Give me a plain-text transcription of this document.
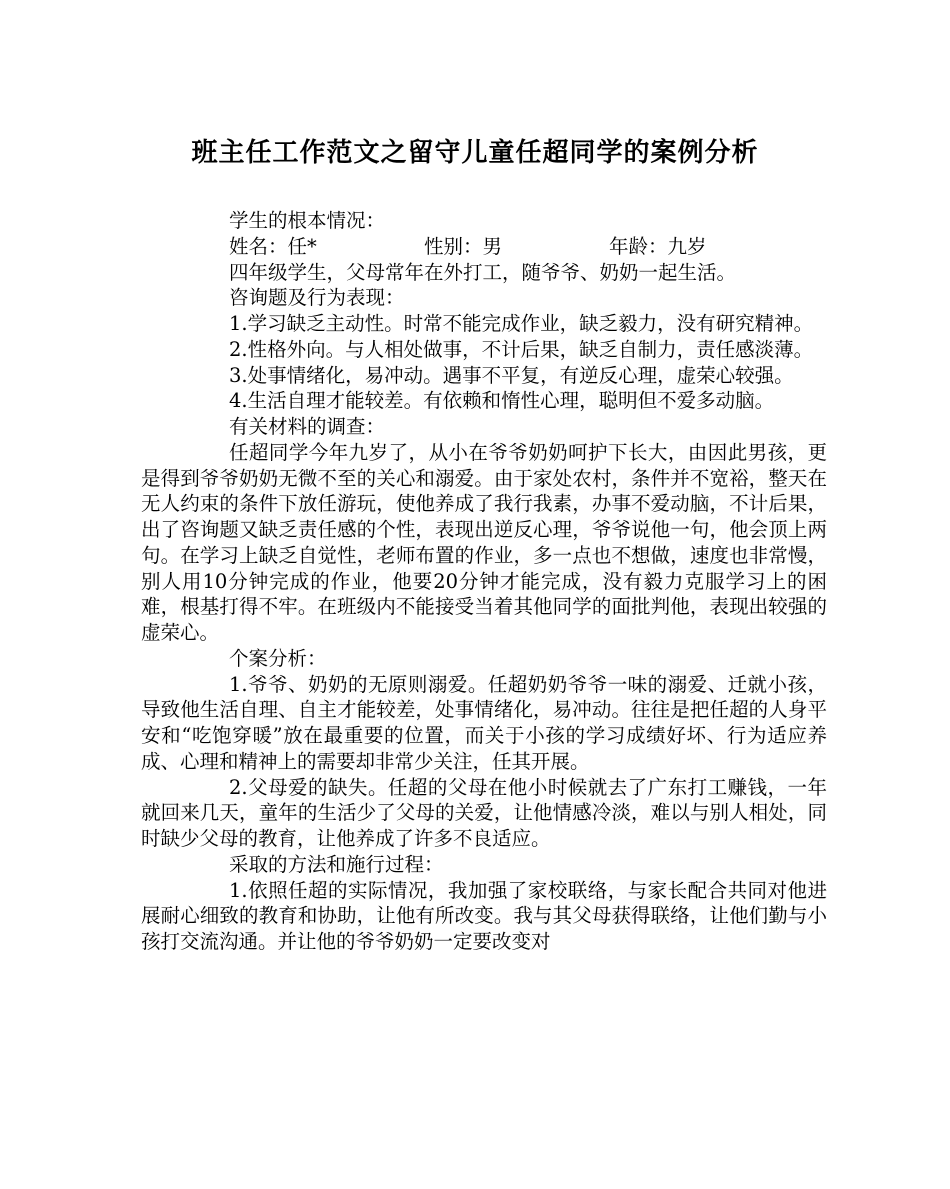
班主任工作范文之留守儿童任超同学的案例分析

学生的根本情况：

姓名：任*	性别：男	年龄：九岁

四年级学生，父母常年在外打工，随爷爷、奶奶一起生活。

咨询题及行为表现：

1.学习缺乏主动性。时常不能完成作业，缺乏毅力，没有研究精神。

2.性格外向。与人相处做事，不计后果，缺乏自制力，责任感淡薄。

3.处事情绪化，易冲动。遇事不平复，有逆反心理，虚荣心较强。

4.生活自理才能较差。有依赖和惰性心理，聪明但不爱多动脑。

有关材料的调查：

任超同学今年九岁了，从小在爷爷奶奶呵护下长大，由因此男孩，更是得到爷爷奶奶无微不至的关心和溺爱。由于家处农村，条件并不宽裕，整天在无人约束的条件下放任游玩，使他养成了我行我素，办事不爱动脑，不计后果，出了咨询题又缺乏责任感的个性，表现出逆反心理，爷爷说他一句，他会顶上两句。在学习上缺乏自觉性，老师布置的作业，多一点也不想做，速度也非常慢，别人用10分钟完成的作业，他要20分钟才能完成，没有毅力克服学习上的困难，根基打得不牢。在班级内不能接受当着其他同学的面批判他，表现出较强的虚荣心。

个案分析：

1.爷爷、奶奶的无原则溺爱。任超奶奶爷爷一味的溺爱、迁就小孩，导致他生活自理、自主才能较差，处事情绪化，易冲动。往往是把任超的人身平安和“吃饱穿暖”放在最重要的位置，而关于小孩的学习成绩好坏、行为适应养成、心理和精神上的需要却非常少关注，任其开展。

2.父母爱的缺失。任超的父母在他小时候就去了广东打工赚钱，一年就回来几天，童年的生活少了父母的关爱，让他情感冷淡，难以与别人相处，同时缺少父母的教育，让他养成了许多不良适应。

采取的方法和施行过程：

1.依照任超的实际情况，我加强了家校联络，与家长配合共同对他进展耐心细致的教育和协助，让他有所改变。我与其父母获得联络，让他们勤与小孩打交流沟通。并让他的爷爷奶奶一定要改变对
